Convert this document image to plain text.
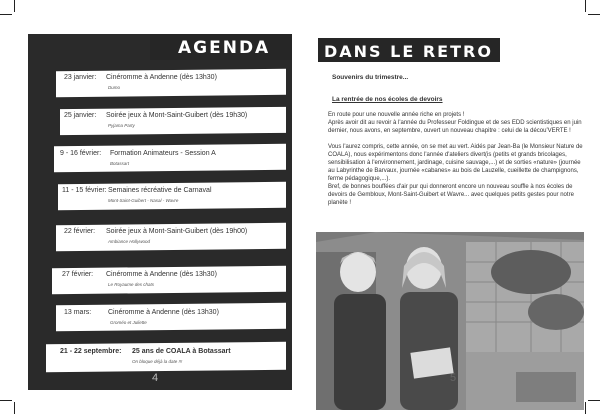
AGENDA
23 janvier: Cinéromme à Andenne (dès 13h30)
Dumo
25 janvier: Soirée jeux à Mont-Saint-Guibert (dès 19h30)
Pyjama Party
9 - 16 février: Formation Animateurs - Session A
Botassart
11 - 15 février: Semaines récréative de Carnaval
Mont-Saint-Guibert - Nasal - Wavre
22 février: Soirée jeux à Mont-Saint-Guibert (dès 19h00)
Ambiance Hollywood
27 février: Cinéromme à Andenne (dès 13h30)
Le Royaume des chats
13 mars: Cinéromme à Andenne (dès 13h30)
Groméo et Juliette
21 - 22 septembre: 25 ans de COALA à Botassart
On bloque déjà la date !!!
4
DANS LE RETRO
Souvenirs du trimestre...
La rentrée de nos écoles de devoirs
En route pour une nouvelle année riche en projets !
Après avoir dit au revoir à l'année du Professeur Foldingue et de ses EDD scientistiques en juin dernier, nous avons, en septembre, ouvert un nouveau chapitre : celui de la décou'VERTE !
Vous l'aurez compris, cette année, on se met au vert. Aidés par Jean-Ba (le Monsieur Nature de COALA), nous expérimentons donc l'année d'ateliers divert(is (petits et grands bricolages, sensibilisation à l'environnement, jardinage, cuisine sauvage,...) et de sorties «nature» (journée au Labyrinthe de Barvaux, journée «cabanes» au bois de Lauzelle, cueillette de champignons, ferme pédagogique,...).
Bref, de bonnes bouffées d'air pur qui donneront encore un nouveau souffle à nos écoles de devoirs de Gembloux, Mont-Saint-Guibert et Wavre... avec quelques petits gestes pour notre planète !
5
